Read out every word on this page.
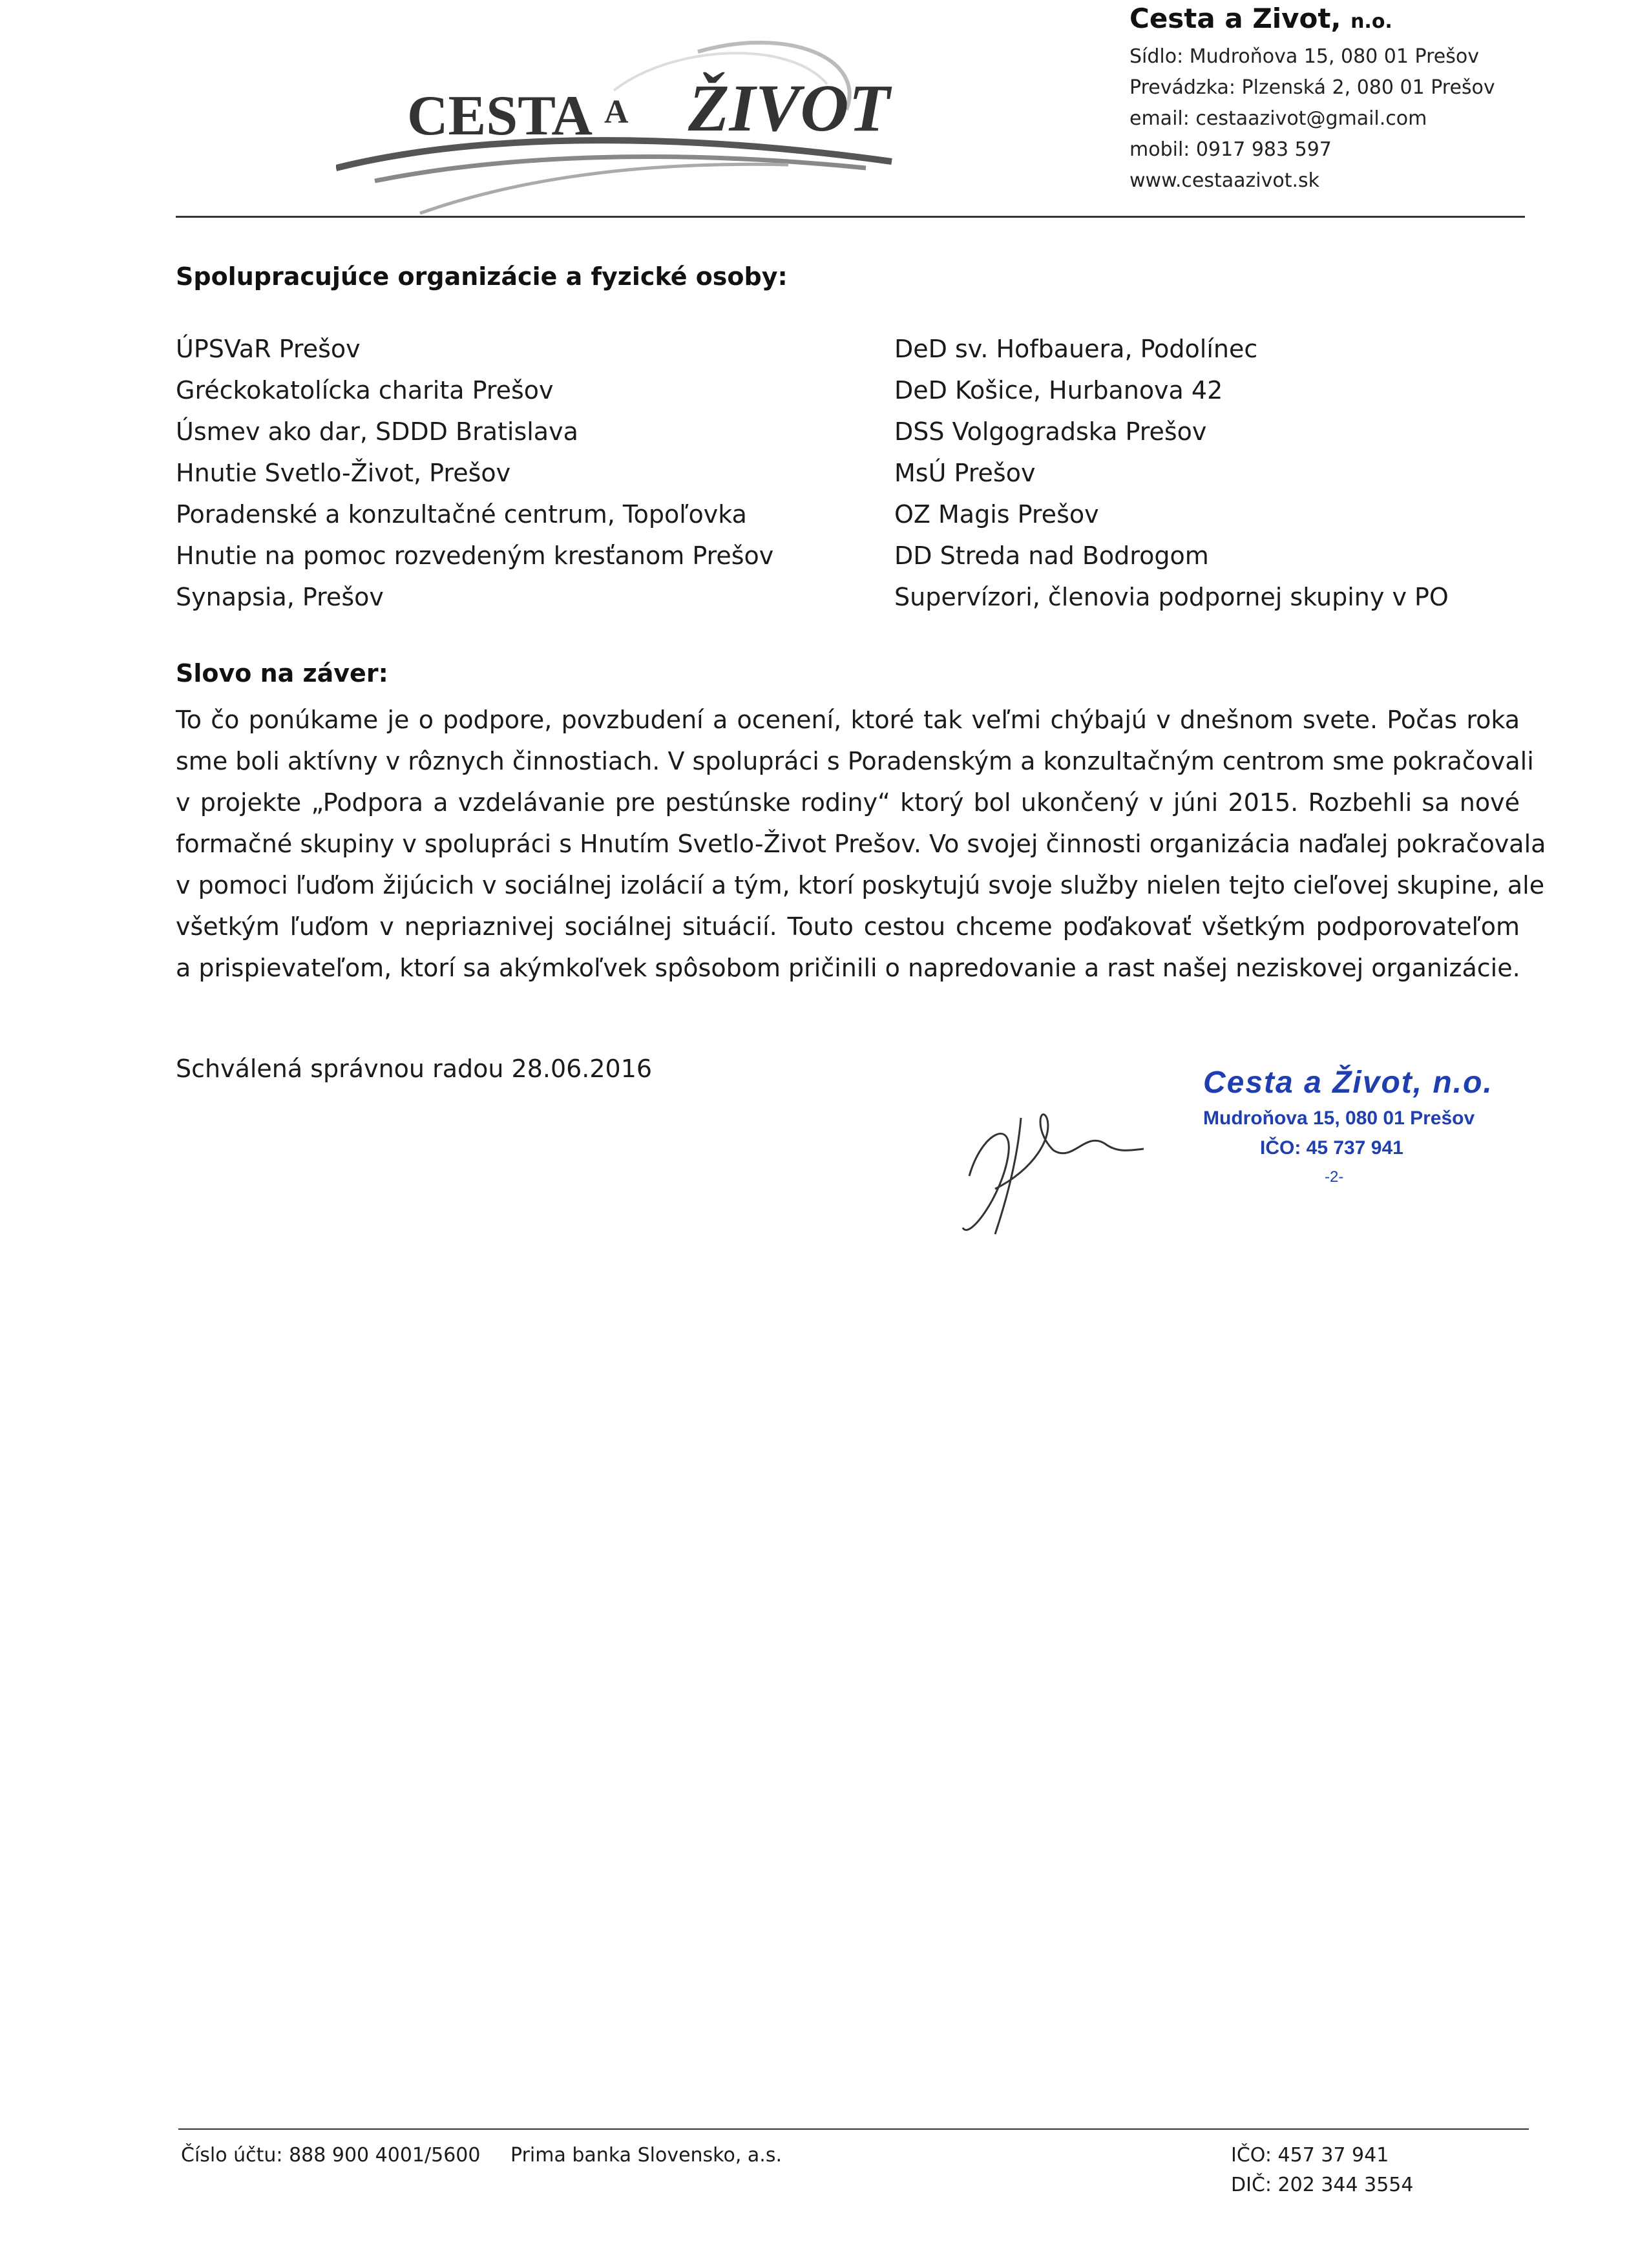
CESTA A ŽIVOT
Cesta a Zivot, n.o.
Sídlo: Mudroňova 15, 080 01 Prešov
Prevádzka: Plzenská 2, 080 01 Prešov
email: cestaazivot@gmail.com
mobil: 0917 983 597
www.cestaazivot.sk
Spolupracujúce organizácie a fyzické osoby:
ÚPSVaR Prešov
Gréckokatolícka charita Prešov
Úsmev ako dar, SDDD Bratislava
Hnutie Svetlo-Život, Prešov
Poradenské a konzultačné centrum, Topoľovka
Hnutie na pomoc rozvedeným kresťanom Prešov
Synapsia, Prešov
DeD sv. Hofbauera, Podolínec
DeD Košice, Hurbanova 42
DSS Volgogradska Prešov
MsÚ Prešov
OZ Magis Prešov
DD Streda nad Bodrogom
Supervízori, členovia podpornej skupiny v PO
Slovo na záver:
To čo ponúkame je o podpore, povzbudení a ocenení, ktoré tak veľmi chýbajú v dnešnom svete. Počas roka
sme boli aktívny v rôznych činnostiach. V spolupráci s Poradenským a konzultačným centrom sme pokračovali
v projekte „Podpora a vzdelávanie pre pestúnske rodiny“ ktorý bol ukončený v júni 2015. Rozbehli sa nové
formačné skupiny v spolupráci s Hnutím Svetlo-Život Prešov. Vo svojej činnosti organizácia naďalej pokračovala
v pomoci ľuďom žijúcich v sociálnej izolácií a tým, ktorí poskytujú svoje služby nielen tejto cieľovej skupine, ale
všetkým ľuďom v nepriaznivej sociálnej situácií. Touto cestou chceme poďakovať všetkým podporovateľom
a prispievateľom, ktorí sa akýmkoľvek spôsobom pričinili o napredovanie a rast našej neziskovej organizácie.
Schválená správnou radou 28.06.2016	Cesta a Život, n.o.
Mudroňova 15, 080 01 Prešov
IČO: 45 737 941
-2-
Číslo účtu: 888 900 4001/5600 Prima banka Slovensko, a.s.	IČO: 457 37 941
DIČ: 202 344 3554
